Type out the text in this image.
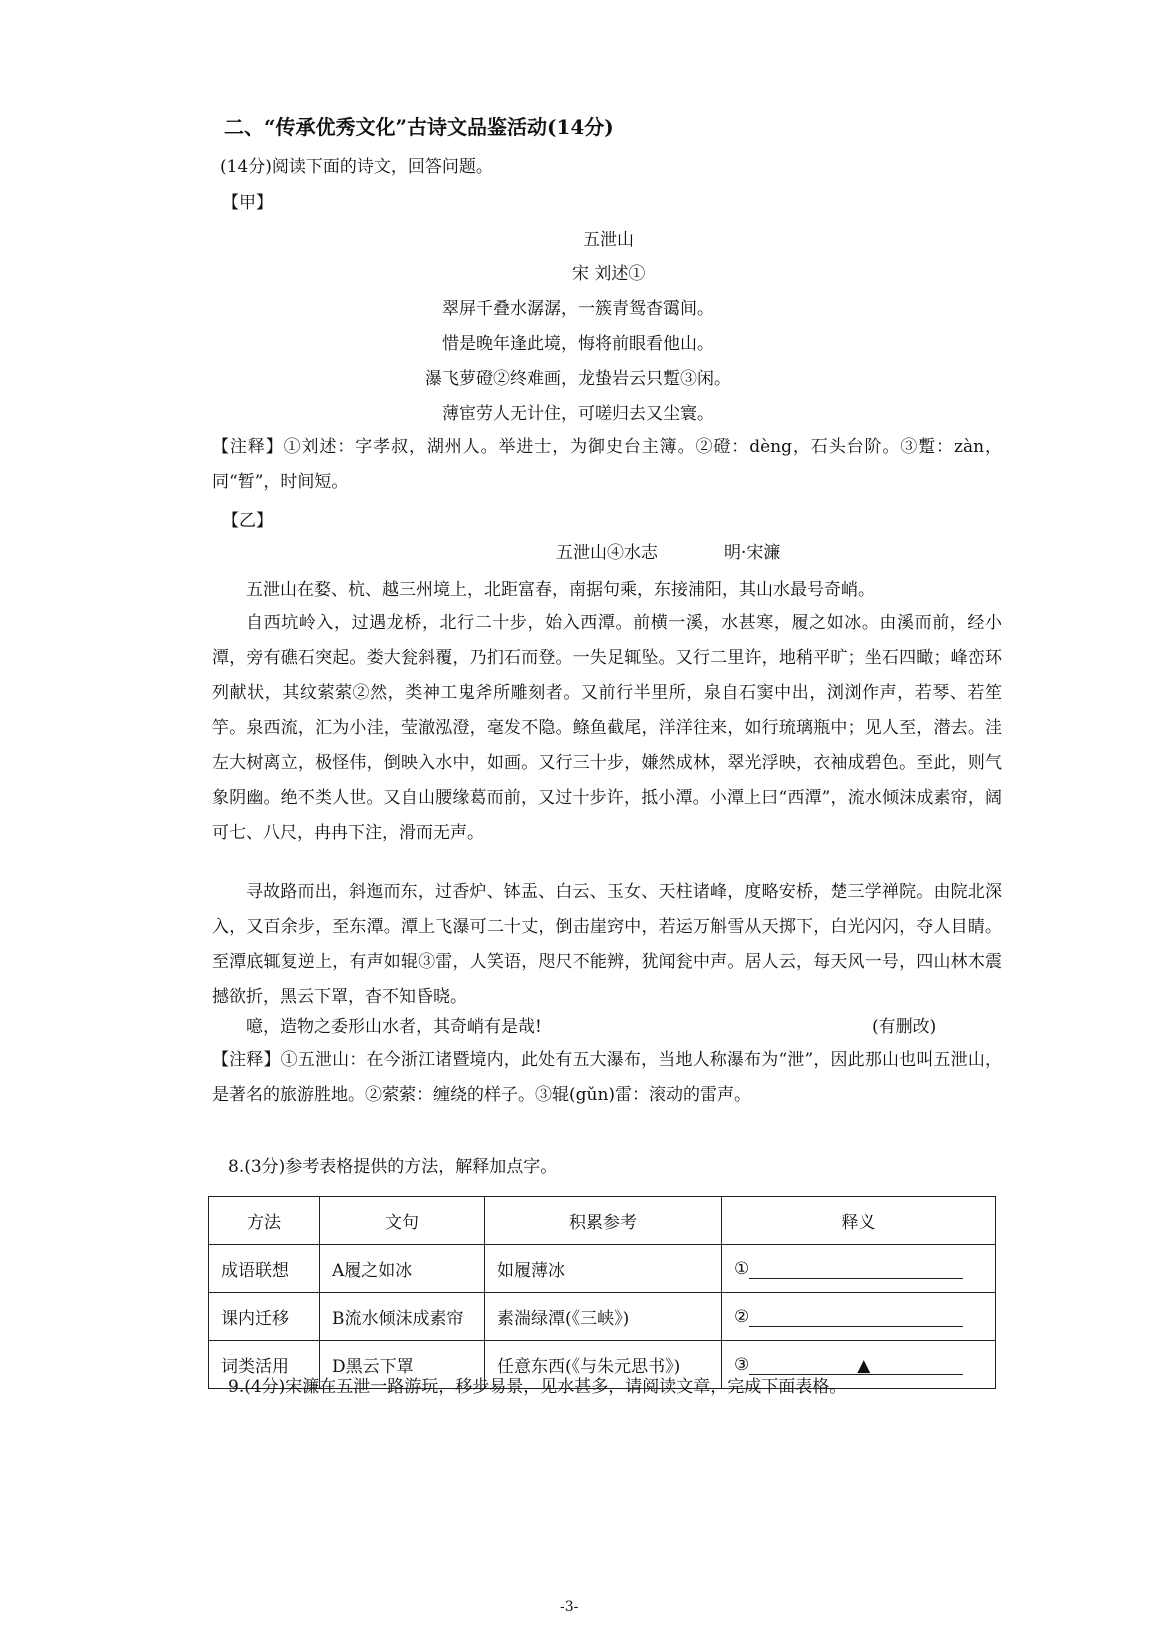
二、“传承优秀文化”古诗文品鉴活动(14分)
(14分)阅读下面的诗文，回答问题。
【甲】
五泄山
宋 刘述①
翠屏千叠水潺潺，一簇青鸳杳霭间。
惜是晚年逢此境，悔将前眼看他山。
瀑飞萝磴②终难画，龙蛰岩云只蹔③闲。
薄宦劳人无计住，可嗟归去又尘寰。
【注释】①刘述：字孝叔，湖州人。举进士，为御史台主簿。②磴：dèng，石头台阶。③蹔：zàn，同“暂”，时间短。
【乙】
五泄山④水志	明·宋濂
五泄山在婺、杭、越三州境上，北距富春，南据句乘，东接浦阳，其山水最号奇峭。
自西坑岭入，过遇龙桥，北行二十步，始入西潭。前横一溪，水甚寒，履之如冰。由溪而前，经小潭，旁有礁石突起。娄大瓮斜覆，乃扪石而登。一失足辄坠。又行二里许，地稍平旷；坐石四瞰；峰峦环列献状，其纹萦萦②然，类神工鬼斧所雕刻者。又前行半里所，泉自石窦中出，浏浏作声，若琴、若笙竽。泉西流，汇为小洼，莹澈泓澄，毫发不隐。鲦鱼截尾，洋洋往来，如行琉璃瓶中；见人至，潜去。洼左大树离立，极怪伟，倒映入水中，如画。又行三十步，嫌然成林，翠光浮映，衣袖成碧色。至此，则气象阴幽。绝不类人世。又自山腰缘葛而前，又过十步许，抵小潭。小潭上曰“西潭”，流水倾沫成素帘，阔可七、八尺，冉冉下注，滑而无声。
寻故路而出，斜迤而东，过香炉、钵盂、白云、玉女、天柱诸峰，度略安桥，楚三学禅院。由院北深入，又百余步，至东潭。潭上飞瀑可二十丈，倒击崖窍中，若运万斛雪从天掷下，白光闪闪，夺人目睛。至潭底辄复逆上，有声如辊③雷，人笑语，咫尺不能辨，犹闻瓮中声。居人云，每天风一号，四山林木震撼欲折，黑云下罩，杳不知昏晓。
噫，造物之委形山水者，其奇峭有是哉!	(有删改)
【注释】①五泄山：在今浙江诸暨境内，此处有五大瀑布，当地人称瀑布为“泄”，因此那山也叫五泄山，是著名的旅游胜地。②萦萦：缠绕的样子。③辊(gǔn)雷：滚动的雷声。
8.(3分)参考表格提供的方法，解释加点字。
方法	文句	积累参考	释义
成语联想	A履之如冰	如履薄冰	①
课内迁移	B流水倾沫成素帘	素湍绿潭(《三峡》)	②
词类活用	D黑云下罩	任意东西(《与朱元思书》)	③ ▲
9.(4分)宋濂在五泄一路游玩，移步易景，见水甚多，请阅读文章，完成下面表格。
-3-
